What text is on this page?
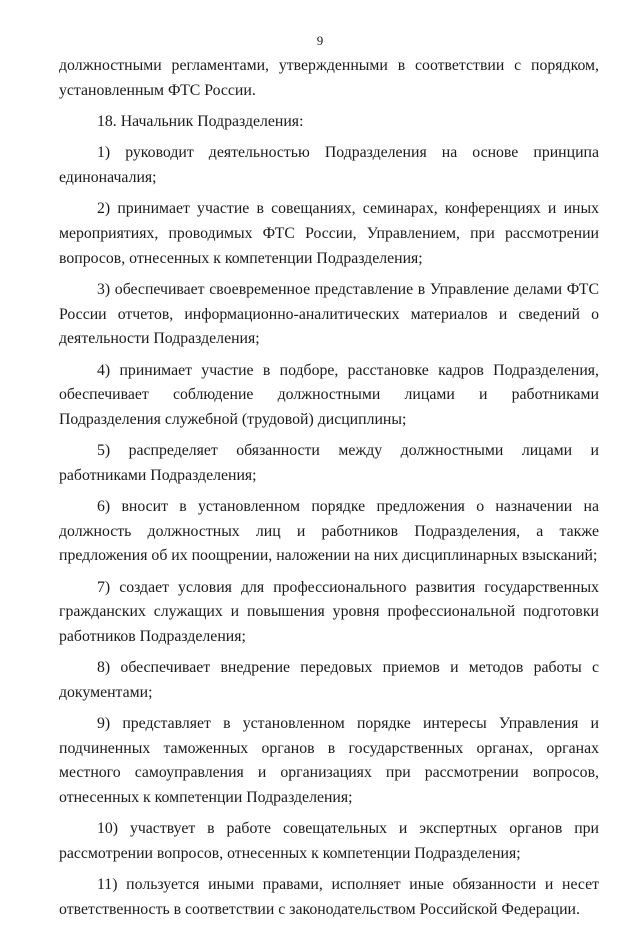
9

должностными регламентами, утвержденными в соответствии с порядком, установленным ФТС России.

18. Начальник Подразделения:

1) руководит деятельностью Подразделения на основе принципа единоначалия;

2) принимает участие в совещаниях, семинарах, конференциях и иных мероприятиях, проводимых ФТС России, Управлением, при рассмотрении вопросов, отнесенных к компетенции Подразделения;

3) обеспечивает своевременное представление в Управление делами ФТС России отчетов, информационно-аналитических материалов и сведений о деятельности Подразделения;

4) принимает участие в подборе, расстановке кадров Подразделения, обеспечивает соблюдение должностными лицами и работниками Подразделения служебной (трудовой) дисциплины;

5) распределяет обязанности между должностными лицами и работниками Подразделения;

6) вносит в установленном порядке предложения о назначении на должность должностных лиц и работников Подразделения, а также предложения об их поощрении, наложении на них дисциплинарных взысканий;

7) создает условия для профессионального развития государственных гражданских служащих и повышения уровня профессиональной подготовки работников Подразделения;

8) обеспечивает внедрение передовых приемов и методов работы с документами;

9) представляет в установленном порядке интересы Управления и подчиненных таможенных органов в государственных органах, органах местного самоуправления и организациях при рассмотрении вопросов, отнесенных к компетенции Подразделения;

10) участвует в работе совещательных и экспертных органов при рассмотрении вопросов, отнесенных к компетенции Подразделения;

11) пользуется иными правами, исполняет иные обязанности и несет ответственность в соответствии с законодательством Российской Федерации.
